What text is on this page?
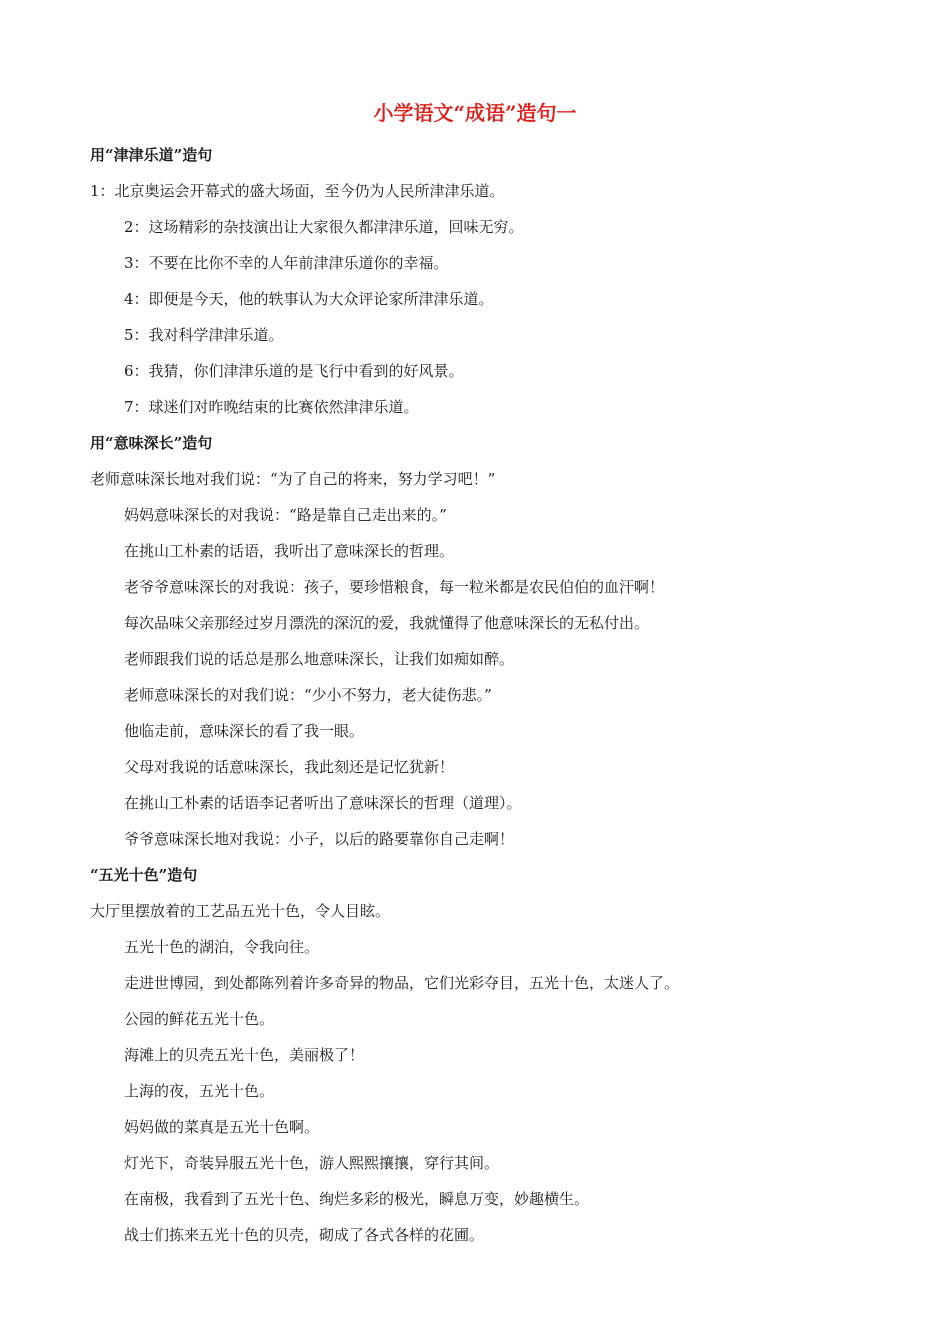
小学语文“成语”造句一

用“津津乐道”造句

1：北京奥运会开幕式的盛大场面，至今仍为人民所津津乐道。

2：这场精彩的杂技演出让大家很久都津津乐道，回味无穷。

3：不要在比你不幸的人年前津津乐道你的幸福。

4：即便是今天，他的轶事认为大众评论家所津津乐道。

5：我对科学津津乐道。

6：我猜，你们津津乐道的是飞行中看到的好风景。

7：球迷们对昨晚结束的比赛依然津津乐道。

用“意味深长”造句

老师意味深长地对我们说：“为了自己的将来，努力学习吧！”

妈妈意味深长的对我说：“路是靠自己走出来的。”

在挑山工朴素的话语，我听出了意味深长的哲理。

老爷爷意味深长的对我说：孩子，要珍惜粮食，每一粒米都是农民伯伯的血汗啊！

每次品味父亲那经过岁月漂洗的深沉的爱，我就懂得了他意味深长的无私付出。

老师跟我们说的话总是那么地意味深长，让我们如痴如醉。

老师意味深长的对我们说：“少小不努力，老大徒伤悲。”

他临走前，意味深长的看了我一眼。

父母对我说的话意味深长，我此刻还是记忆犹新！

在挑山工朴素的话语李记者听出了意味深长的哲理（道理）。

爷爷意味深长地对我说：小子，以后的路要靠你自己走啊！

“五光十色”造句

大厅里摆放着的工艺品五光十色，令人目眩。

五光十色的湖泊，令我向往。

走进世博园，到处都陈列着许多奇异的物品，它们光彩夺目，五光十色，太迷人了。

公园的鲜花五光十色。

海滩上的贝壳五光十色，美丽极了！

上海的夜，五光十色。

妈妈做的菜真是五光十色啊。

灯光下，奇装异服五光十色，游人熙熙攘攘，穿行其间。

在南极，我看到了五光十色、绚烂多彩的极光，瞬息万变，妙趣横生。

战士们拣来五光十色的贝壳，砌成了各式各样的花圃。
